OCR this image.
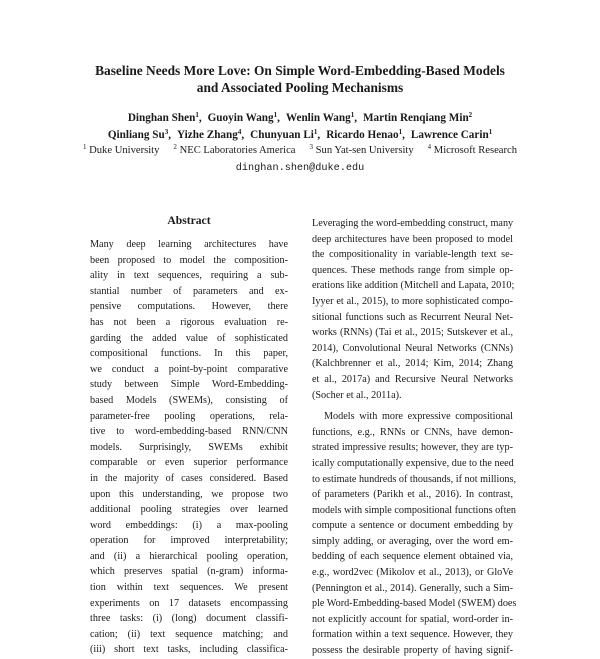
Baseline Needs More Love: On Simple Word-Embedding-Based Models
and Associated Pooling Mechanisms
Dinghan Shen$^1$, Guoyin Wang$^1$, Wenlin Wang$^1$, Martin Renqiang Min$^2$
Qinliang Su$^3$, Yizhe Zhang$^4$, Chunyuan Li$^1$, Ricardo Henao$^1$, Lawrence Carin$^1$
$^1$ Duke University $^2$ NEC Laboratories America $^3$ Sun Yat-sen University $^4$ Microsoft Research
dinghan.shen@duke.edu
Abstract
Many deep learning architectures have
been proposed to model the composition-
ality in text sequences, requiring a sub-
stantial number of parameters and ex-
pensive computations. However, there
has not been a rigorous evaluation re-
garding the added value of sophisticated
compositional functions. In this paper,
we conduct a point-by-point comparative
study between Simple Word-Embedding-
based Models (SWEMs), consisting of
parameter-free pooling operations, rela-
tive to word-embedding-based RNN/CNN
models. Surprisingly, SWEMs exhibit
comparable or even superior performance
in the majority of cases considered. Based
upon this understanding, we propose two
additional pooling strategies over learned
word embeddings: (i) a max-pooling
operation for improved interpretability;
and (ii) a hierarchical pooling operation,
which preserves spatial (n-gram) informa-
tion within text sequences. We present
experiments on 17 datasets encompassing
three tasks: (i) (long) document classifi-
cation; (ii) text sequence matching; and
(iii) short text tasks, including classifica-
Leveraging the word-embedding construct, many
deep architectures have been proposed to model
the compositionality in variable-length text se-
quences. These methods range from simple op-
erations like addition (Mitchell and Lapata, 2010;
Iyyer et al., 2015), to more sophisticated compo-
sitional functions such as Recurrent Neural Net-
works (RNNs) (Tai et al., 2015; Sutskever et al.,
2014), Convolutional Neural Networks (CNNs)
(Kalchbrenner et al., 2014; Kim, 2014; Zhang
et al., 2017a) and Recursive Neural Networks
(Socher et al., 2011a).
Models with more expressive compositional
functions, e.g., RNNs or CNNs, have demon-
strated impressive results; however, they are typ-
ically computationally expensive, due to the need
to estimate hundreds of thousands, if not millions,
of parameters (Parikh et al., 2016). In contrast,
models with simple compositional functions often
compute a sentence or document embedding by
simply adding, or averaging, over the word em-
bedding of each sequence element obtained via,
e.g., word2vec (Mikolov et al., 2013), or GloVe
(Pennington et al., 2014). Generally, such a Sim-
ple Word-Embedding-based Model (SWEM) does
not explicitly account for spatial, word-order in-
formation within a text sequence. However, they
possess the desirable property of having signif-
